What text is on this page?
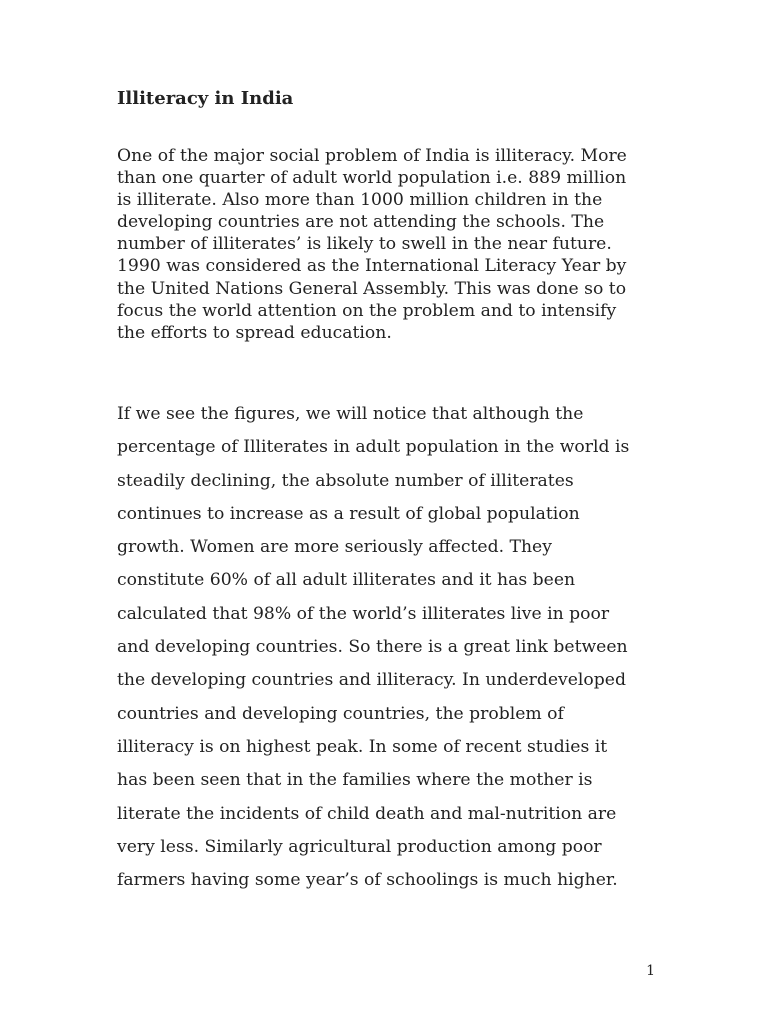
Illiteracy in India

One of the major social problem of India is illiteracy. More
than one quarter of adult world population i.e. 889 million
is illiterate. Also more than 1000 million children in the
developing countries are not attending the schools. The
number of illiterates’ is likely to swell in the near future.
1990 was considered as the International Literacy Year by
the United Nations General Assembly. This was done so to
focus the world attention on the problem and to intensify
the efforts to spread education.

If we see the figures, we will notice that although the
percentage of Illiterates in adult population in the world is
steadily declining, the absolute number of illiterates
continues to increase as a result of global population
growth. Women are more seriously affected. They
constitute 60% of all adult illiterates and it has been
calculated that 98% of the world’s illiterates live in poor
and developing countries. So there is a great link between
the developing countries and illiteracy. In underdeveloped
countries and developing countries, the problem of
illiteracy is on highest peak. In some of recent studies it
has been seen that in the families where the mother is
literate the incidents of child death and mal-nutrition are
very less. Similarly agricultural production among poor
farmers having some year’s of schoolings is much higher.

1
